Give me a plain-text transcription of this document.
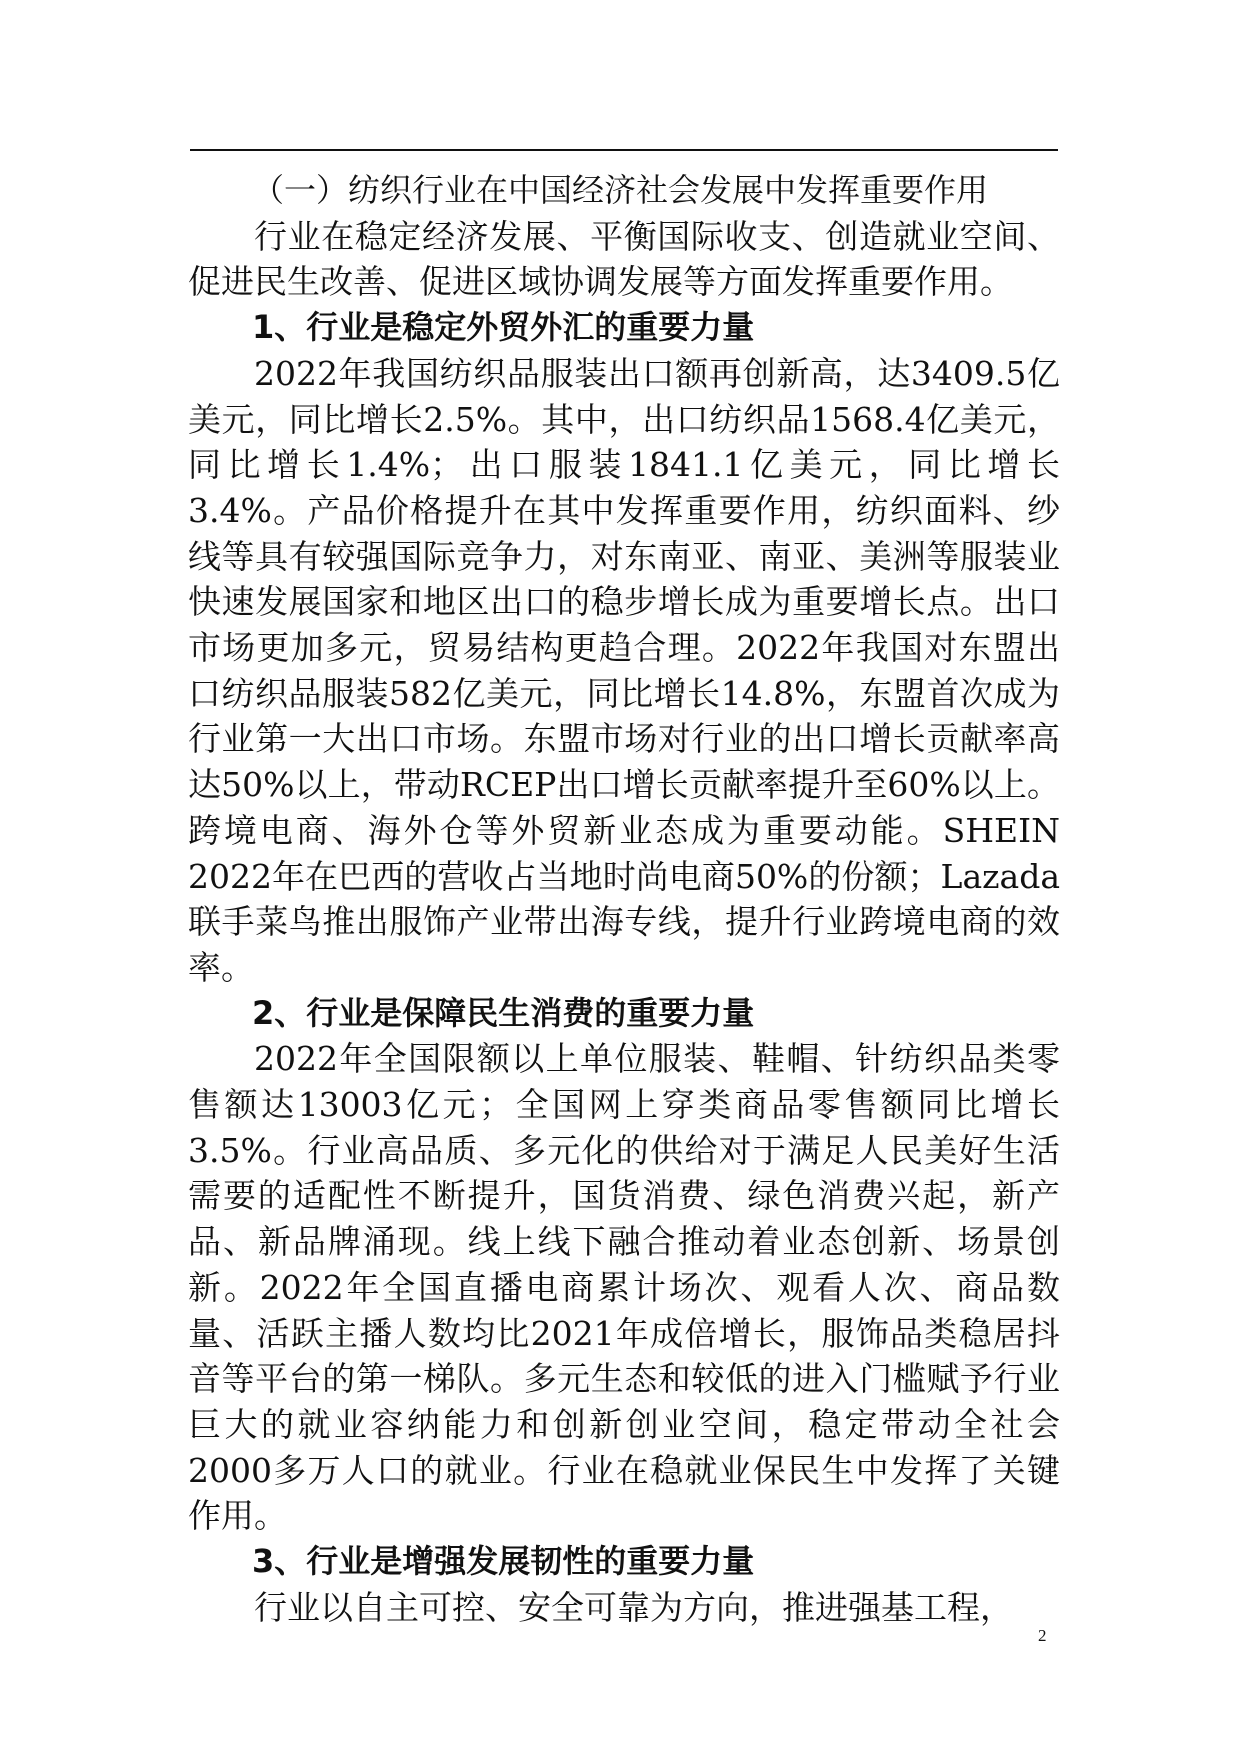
（一）纺织行业在中国经济社会发展中发挥重要作用

行业在稳定经济发展、平衡国际收支、创造就业空间、促进民生改善、促进区域协调发展等方面发挥重要作用。

1、行业是稳定外贸外汇的重要力量

2022年我国纺织品服装出口额再创新高，达3409.5亿美元，同比增长2.5%。其中，出口纺织品1568.4亿美元，同比增长1.4%；出口服装1841.1亿美元，同比增长3.4%。产品价格提升在其中发挥重要作用，纺织面料、纱线等具有较强国际竞争力，对东南亚、南亚、美洲等服装业快速发展国家和地区出口的稳步增长成为重要增长点。出口市场更加多元，贸易结构更趋合理。2022年我国对东盟出口纺织品服装582亿美元，同比增长14.8%，东盟首次成为行业第一大出口市场。东盟市场对行业的出口增长贡献率高达50%以上，带动RCEP出口增长贡献率提升至60%以上。跨境电商、海外仓等外贸新业态成为重要动能。SHEIN 2022年在巴西的营收占当地时尚电商50%的份额；Lazada联手菜鸟推出服饰产业带出海专线，提升行业跨境电商的效率。

2、行业是保障民生消费的重要力量

2022年全国限额以上单位服装、鞋帽、针纺织品类零售额达13003亿元；全国网上穿类商品零售额同比增长3.5%。行业高品质、多元化的供给对于满足人民美好生活需要的适配性不断提升，国货消费、绿色消费兴起，新产品、新品牌涌现。线上线下融合推动着业态创新、场景创新。2022年全国直播电商累计场次、观看人次、商品数量、活跃主播人数均比2021年成倍增长，服饰品类稳居抖音等平台的第一梯队。多元生态和较低的进入门槛赋予行业巨大的就业容纳能力和创新创业空间，稳定带动全社会2000多万人口的就业。行业在稳就业保民生中发挥了关键作用。

3、行业是增强发展韧性的重要力量

行业以自主可控、安全可靠为方向，推进强基工程，

2
